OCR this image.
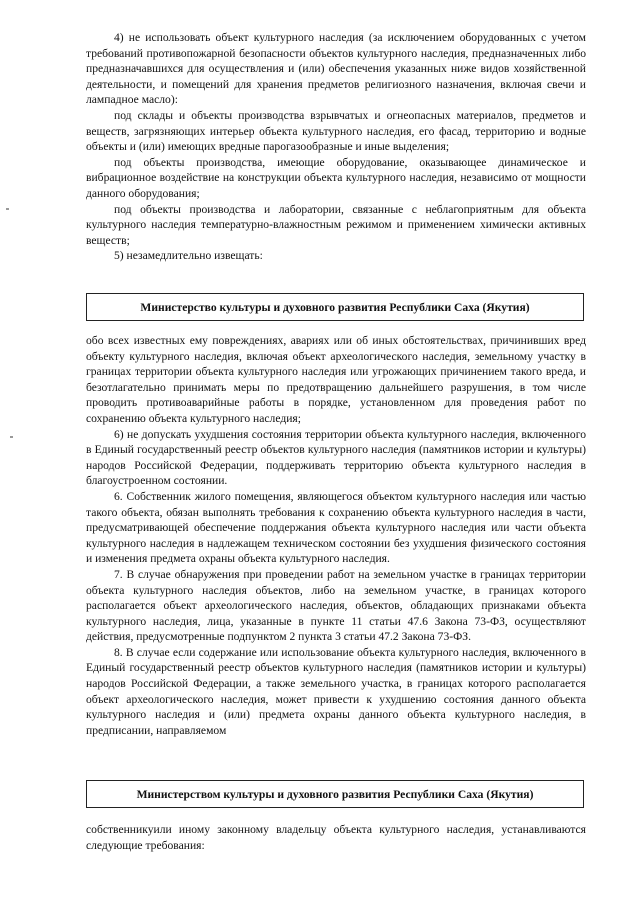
4) не использовать объект культурного наследия (за исключением оборудованных с учетом требований противопожарной безопасности объектов культурного наследия, предназначенных либо предназначавшихся для осуществления и (или) обеспечения указанных ниже видов хозяйственной деятельности, и помещений для хранения предметов религиозного назначения, включая свечи и лампадное масло):

под склады и объекты производства взрывчатых и огнеопасных материалов, предметов и веществ, загрязняющих интерьер объекта культурного наследия, его фасад, территорию и водные объекты и (или) имеющих вредные парогазообразные и иные выделения;

под объекты производства, имеющие оборудование, оказывающее динамическое и вибрационное воздействие на конструкции объекта культурного наследия, независимо от мощности данного оборудования;

под объекты производства и лаборатории, связанные с неблагоприятным для объекта культурного наследия температурно-влажностным режимом и применением химически активных веществ;

5) незамедлительно извещать:

Министерство культуры и духовного развития Республики Саха (Якутия)

обо всех известных ему повреждениях, авариях или об иных обстоятельствах, причинивших вред объекту культурного наследия, включая объект археологического наследия, земельному участку в границах территории объекта культурного наследия или угрожающих причинением такого вреда, и безотлагательно принимать меры по предотвращению дальнейшего разрушения, в том числе проводить противоаварийные работы в порядке, установленном для проведения работ по сохранению объекта культурного наследия;

6) не допускать ухудшения состояния территории объекта культурного наследия, включенного в Единый государственный реестр объектов культурного наследия (памятников истории и культуры) народов Российской Федерации, поддерживать территорию объекта культурного наследия в благоустроенном состоянии.

6. Собственник жилого помещения, являющегося объектом культурного наследия или частью такого объекта, обязан выполнять требования к сохранению объекта культурного наследия в части, предусматривающей обеспечение поддержания объекта культурного наследия или части объекта культурного наследия в надлежащем техническом состоянии без ухудшения физического состояния и изменения предмета охраны объекта культурного наследия.

7. В случае обнаружения при проведении работ на земельном участке в границах территории объекта культурного наследия объектов, либо на земельном участке, в границах которого располагается объект археологического наследия, объектов, обладающих признаками объекта культурного наследия, лица, указанные в пункте 11 статьи 47.6 Закона 73-ФЗ, осуществляют действия, предусмотренные подпунктом 2 пункта 3 статьи 47.2 Закона 73-ФЗ.

8. В случае если содержание или использование объекта культурного наследия, включенного в Единый государственный реестр объектов культурного наследия (памятников истории и культуры) народов Российской Федерации, а также земельного участка, в границах которого располагается объект археологического наследия, может привести к ухудшению состояния данного объекта культурного наследия и (или) предмета охраны данного объекта культурного наследия, в предписании, направляемом

Министерством культуры и духовного развития Республики Саха (Якутия)

собственникуили иному законному владельцу объекта культурного наследия, устанавливаются следующие требования:
